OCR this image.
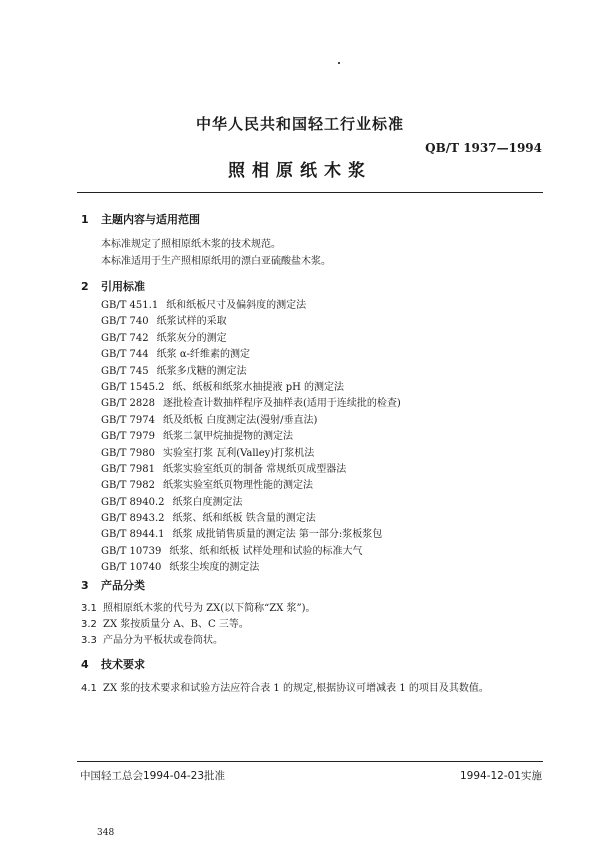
中华人民共和国轻工行业标准
QB/T 1937—1994
照相原纸木浆
1 主题内容与适用范围
本标准规定了照相原纸木浆的技术规范。
本标准适用于生产照相原纸用的漂白亚硫酸盐木浆。
2 引用标准
GB/T 451.1 纸和纸板尺寸及偏斜度的测定法
GB/T 740 纸浆试样的采取
GB/T 742 纸浆灰分的测定
GB/T 744 纸浆 α-纤维素的测定
GB/T 745 纸浆多戊糖的测定法
GB/T 1545.2 纸、纸板和纸浆水抽提液 pH 的测定法
GB/T 2828 逐批检查计数抽样程序及抽样表(适用于连续批的检查)
GB/T 7974 纸及纸板 白度测定法(漫射/垂直法)
GB/T 7979 纸浆二氯甲烷抽提物的测定法
GB/T 7980 实验室打浆 瓦利(Valley)打浆机法
GB/T 7981 纸浆实验室纸页的制备 常规纸页成型器法
GB/T 7982 纸浆实验室纸页物理性能的测定法
GB/T 8940.2 纸浆白度测定法
GB/T 8943.2 纸浆、纸和纸板 铁含量的测定法
GB/T 8944.1 纸浆 成批销售质量的测定法 第一部分:浆板浆包
GB/T 10739 纸浆、纸和纸板 试样处理和试验的标准大气
GB/T 10740 纸浆尘埃度的测定法
3 产品分类
3.1 照相原纸木浆的代号为 ZX(以下简称“ZX 浆”)。
3.2 ZX 浆按质量分 A、B、C 三等。
3.3 产品分为平板状或卷筒状。
4 技术要求
4.1 ZX 浆的技术要求和试验方法应符合表 1 的规定,根据协议可增减表 1 的项目及其数值。
中国轻工总会1994-04-23批准	1994-12-01实施
348
